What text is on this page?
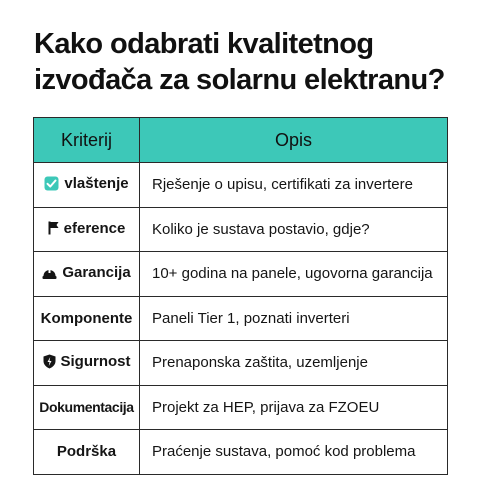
Kako odabrati kvalitetnog izvođača za solarnu elektranu?
Kriterij	Opis

vlaštenje	Rješenje o upisu, certifikati za invertere

eference	Koliko je sustava postavio, gdje?

Garancija	10+ godina na panele, ugovorna garancija
Komponente	Paneli Tier 1, poznati inverteri

Sigurnost	Prenaponska zaštita, uzemljenje
Dokumentacija	Projekt za HEP, prijava za FZOEU
Podrška	Praćenje sustava, pomoć kod problema
